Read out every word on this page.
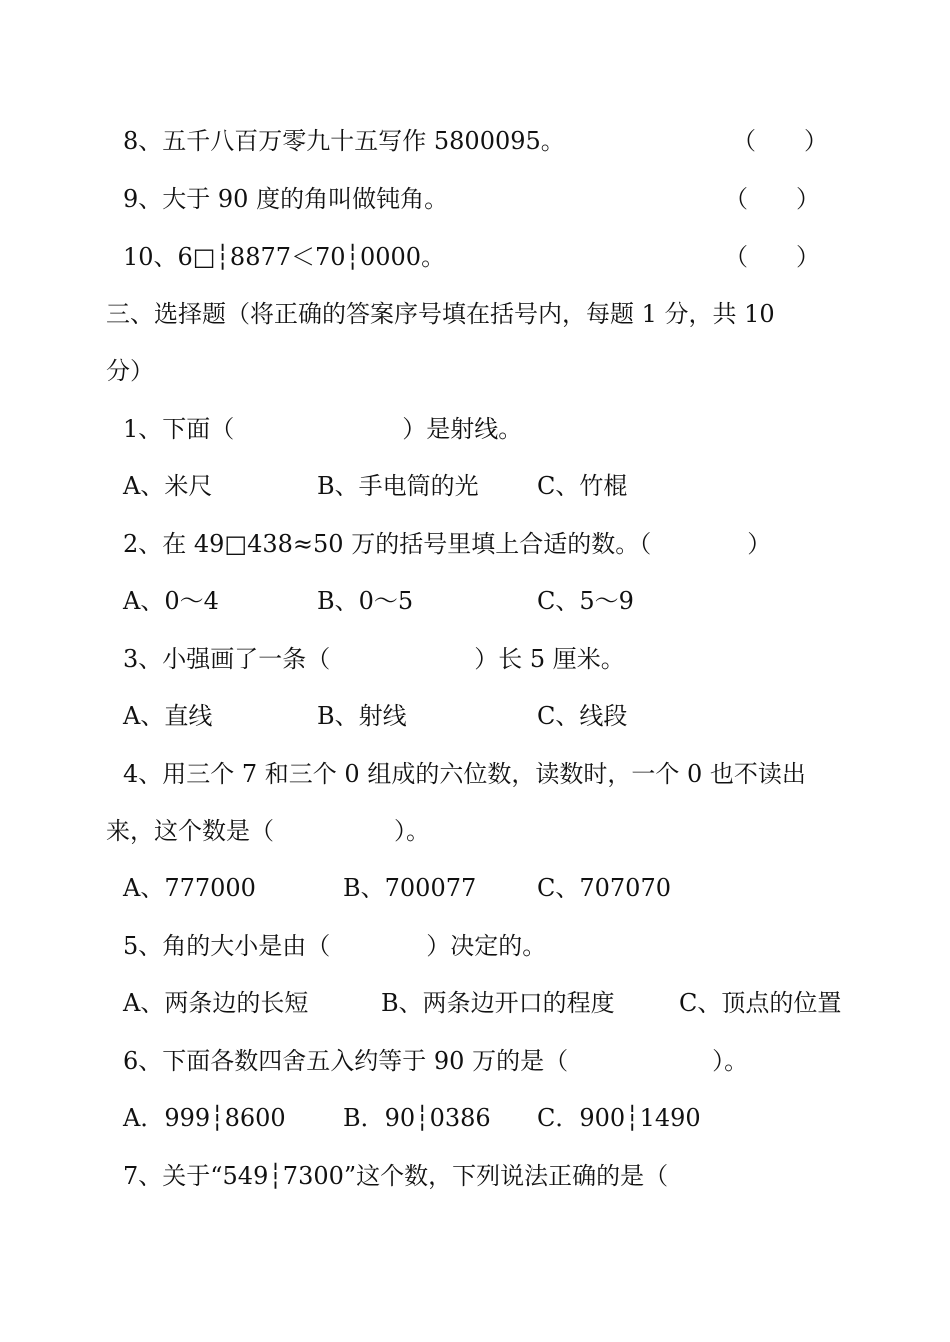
8、五千八百万零九十五写作 5800095。	（　　）
9、大于 90 度的角叫做钝角。	（　　）
10、6□┆8877＜70┆0000。	（　　）
三、选择题（将正确的答案序号填在括号内，每题 1 分，共 10
分）
1、下面（　　　　　　　）是射线。
A、米尺	B、手电筒的光 C、竹棍
2、在 49□438≈50 万的括号里填上合适的数。（　　　　）
A、0～4	B、0～5	C、5～9
3、小强画了一条（　　　　　　）长 5 厘米。
A、直线	B、射线	C、线段
4、用三个 7 和三个 0 组成的六位数，读数时，一个 0 也不读出
来，这个数是（　　　　　）。
A、777000	B、700077	C、707070
5、角的大小是由（　　　　）决定的。
A、两条边的长短	B、两条边开口的程度	C、顶点的位置
6、下面各数四舍五入约等于 90 万的是（　　　　　　）。
A．999┆8600 B．90┆0386 C．900┆1490
7、关于“549┆7300”这个数，下列说法正确的是（
